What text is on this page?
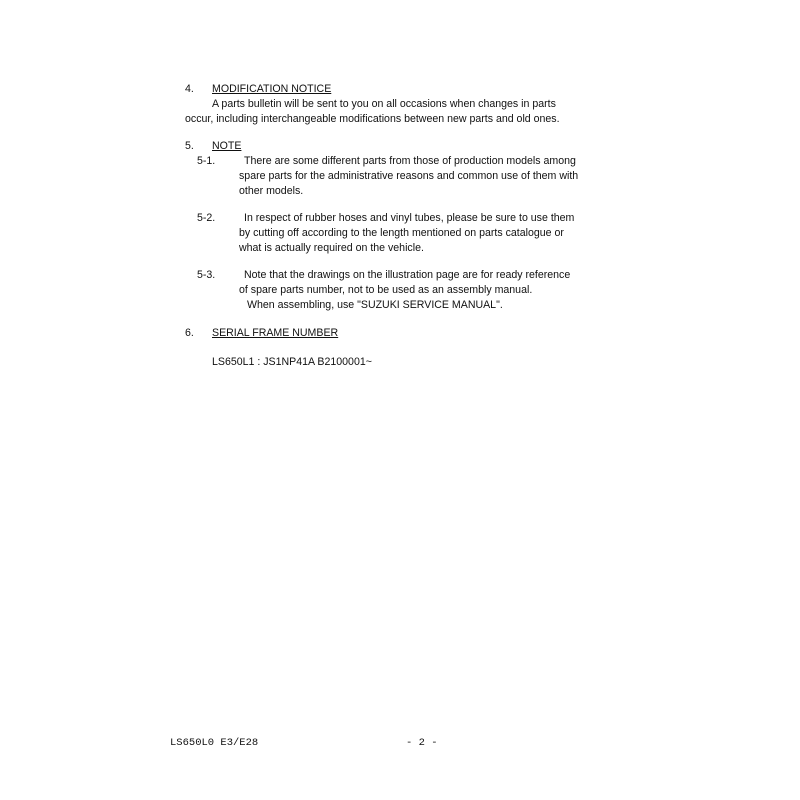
4. MODIFICATION NOTICE
A parts bulletin will be sent to you on all occasions when changes in parts
occur, including interchangeable modifications between new parts and old ones.
5. NOTE
5-1.	There are some different parts from those of production models among
spare parts for the administrative reasons and common use of them with
other models.
5-2.	In respect of rubber hoses and vinyl tubes, please be sure to use them
by cutting off according to the length mentioned on parts catalogue or
what is actually required on the vehicle.
5-3.	Note that the drawings on the illustration page are for ready reference
of spare parts number, not to be used as an assembly manual.
When assembling, use "SUZUKI SERVICE MANUAL".
6. SERIAL FRAME NUMBER
LS650L1 : JS1NP41A B2100001~
LS650L0 E3/E28	- 2 -
